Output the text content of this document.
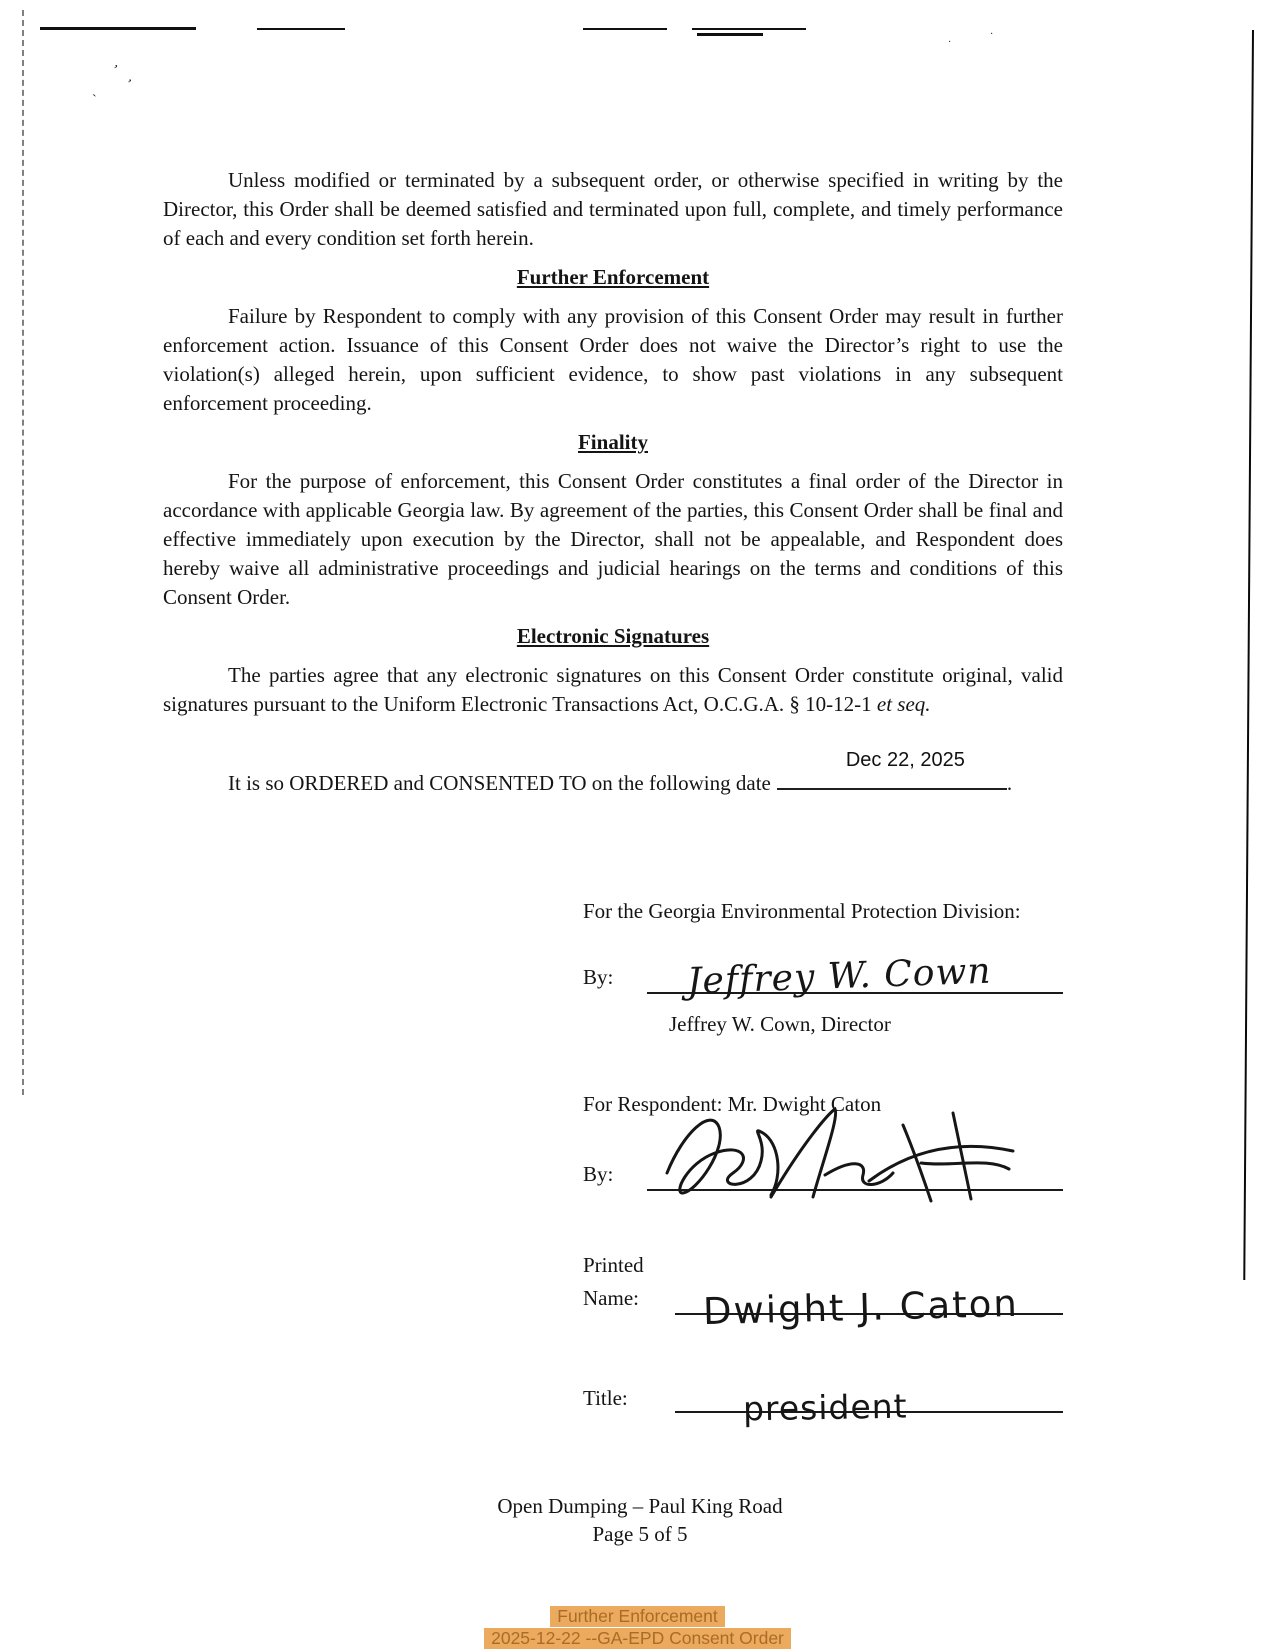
’
’
`
·
·

Unless modified or terminated by a subsequent order, or otherwise specified in writing by the Director, this Order shall be deemed satisfied and terminated upon full, complete, and timely performance of each and every condition set forth herein.

Further Enforcement

Failure by Respondent to comply with any provision of this Consent Order may result in further enforcement action. Issuance of this Consent Order does not waive the Director’s right to use the violation(s) alleged herein, upon sufficient evidence, to show past violations in any subsequent enforcement proceeding.

Finality

For the purpose of enforcement, this Consent Order constitutes a final order of the Director in accordance with applicable Georgia law. By agreement of the parties, this Consent Order shall be final and effective immediately upon execution by the Director, shall not be appealable, and Respondent does hereby waive all administrative proceedings and judicial hearings on the terms and conditions of this Consent Order.

Electronic Signatures

The parties agree that any electronic signatures on this Consent Order constitute original, valid signatures pursuant to the Uniform Electronic Transactions Act, O.C.G.A. § 10-12-1 et seq.

It is so ORDERED and CONSENTED TO on the following date
Dec 22, 2025
.
For the Georgia Environmental Protection Division:
By:	Jeffrey W. Cown
Jeffrey W. Cown, Director
For Respondent: Mr. Dwight Caton
By:
Printed
Name:	Dwight J. Caton
Title:	president
Open Dumping – Paul King Road
Page 5 of 5
Further Enforcement
2025-12-22 --GA-EPD Consent Order
